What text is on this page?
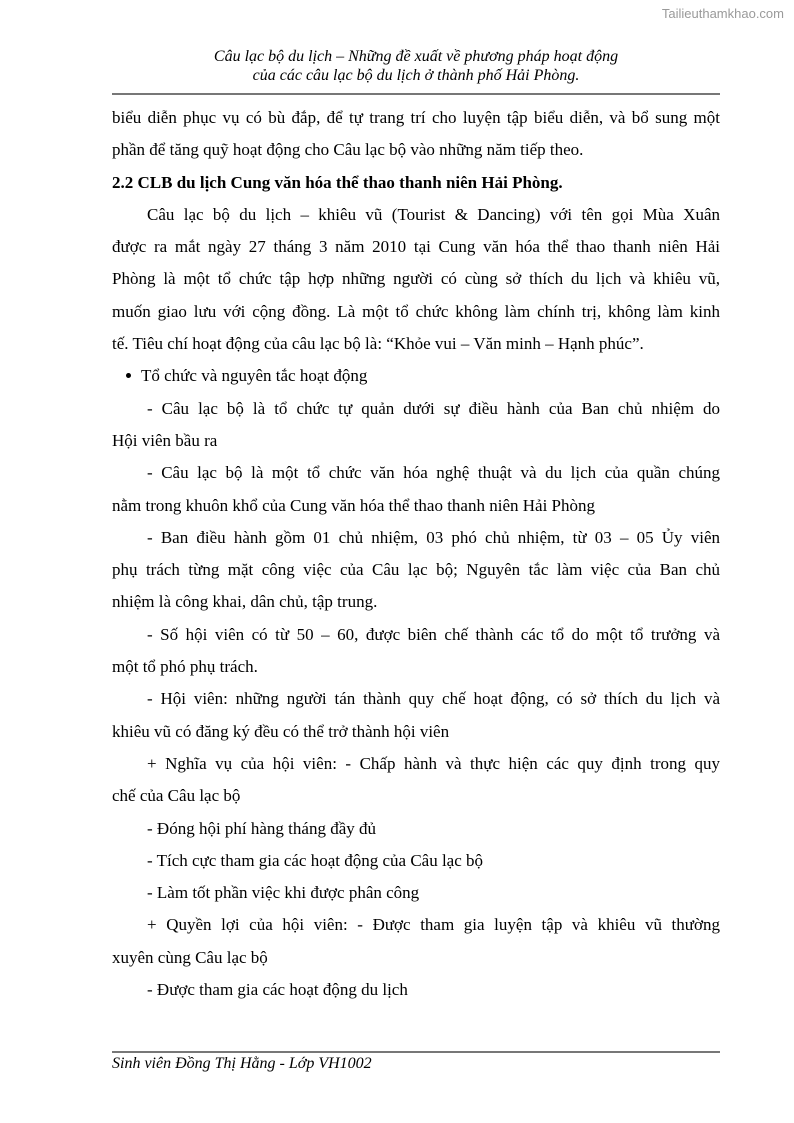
Tailieuthamkhao.com
Câu lạc bộ du lịch – Những đề xuất về phương pháp hoạt động
của các câu lạc bộ du lịch ở thành phố Hải Phòng.
biểu diễn phục vụ có bù đắp, để tự trang trí cho luyện tập biểu diễn, và bổ sung một
phần để tăng quỹ hoạt động cho Câu lạc bộ vào những năm tiếp theo.
2.2 CLB du lịch Cung văn hóa thể thao thanh niên Hải Phòng.
Câu lạc bộ du lịch – khiêu vũ (Tourist & Dancing) với tên gọi Mùa Xuân
được ra mắt ngày 27 tháng 3 năm 2010 tại Cung văn hóa thể thao thanh niên Hải
Phòng là một tổ chức tập hợp những người có cùng sở thích du lịch và khiêu vũ,
muốn giao lưu với cộng đồng. Là một tổ chức không làm chính trị, không làm kinh
tế. Tiêu chí hoạt động của câu lạc bộ là: “Khỏe vui – Văn minh – Hạnh phúc”.
Tổ chức và nguyên tắc hoạt động
- Câu lạc bộ là tổ chức tự quản dưới sự điều hành của Ban chủ nhiệm do
Hội viên bầu ra
- Câu lạc bộ là một tổ chức văn hóa nghệ thuật và du lịch của quần chúng
nằm trong khuôn khổ của Cung văn hóa thể thao thanh niên Hải Phòng
- Ban điều hành gồm 01 chủ nhiệm, 03 phó chủ nhiệm, từ 03 – 05 Ủy viên
phụ trách từng mặt công việc của Câu lạc bộ; Nguyên tắc làm việc của Ban chủ
nhiệm là công khai, dân chủ, tập trung.
- Số hội viên có từ 50 – 60, được biên chế thành các tổ do một tổ trưởng và
một tổ phó phụ trách.
- Hội viên: những người tán thành quy chế hoạt động, có sở thích du lịch và
khiêu vũ có đăng ký đều có thể trở thành hội viên
+ Nghĩa vụ của hội viên: - Chấp hành và thực hiện các quy định trong quy
chế của Câu lạc bộ
- Đóng hội phí hàng tháng đầy đủ
- Tích cực tham gia các hoạt động của Câu lạc bộ
- Làm tốt phần việc khi được phân công
+ Quyền lợi của hội viên: - Được tham gia luyện tập và khiêu vũ thường
xuyên cùng Câu lạc bộ
- Được tham gia các hoạt động du lịch
Sinh viên Đồng Thị Hằng - Lớp VH1002
